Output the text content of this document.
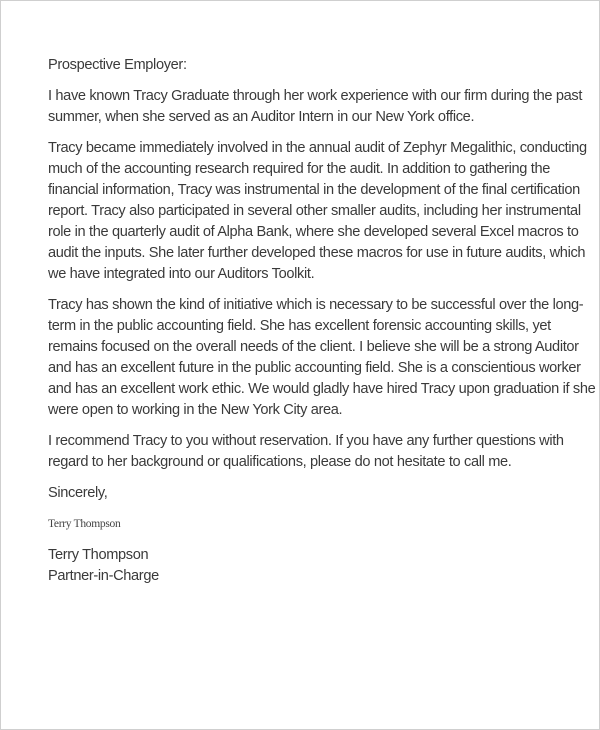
Prospective Employer:

I have known Tracy Graduate through her work experience with our firm during the past
summer, when she served as an Auditor Intern in our New York office.

Tracy became immediately involved in the annual audit of Zephyr Megalithic, conducting
much of the accounting research required for the audit. In addition to gathering the
financial information, Tracy was instrumental in the development of the final certification
report. Tracy also participated in several other smaller audits, including her instrumental
role in the quarterly audit of Alpha Bank, where she developed several Excel macros to
audit the inputs. She later further developed these macros for use in future audits, which
we have integrated into our Auditors Toolkit.

Tracy has shown the kind of initiative which is necessary to be successful over the long-
term in the public accounting field. She has excellent forensic accounting skills, yet
remains focused on the overall needs of the client. I believe she will be a strong Auditor
and has an excellent future in the public accounting field. She is a conscientious worker
and has an excellent work ethic. We would gladly have hired Tracy upon graduation if she
were open to working in the New York City area.

I recommend Tracy to you without reservation. If you have any further questions with
regard to her background or qualifications, please do not hesitate to call me.

Sincerely,

Terry Thompson

Terry Thompson
Partner-in-Charge
